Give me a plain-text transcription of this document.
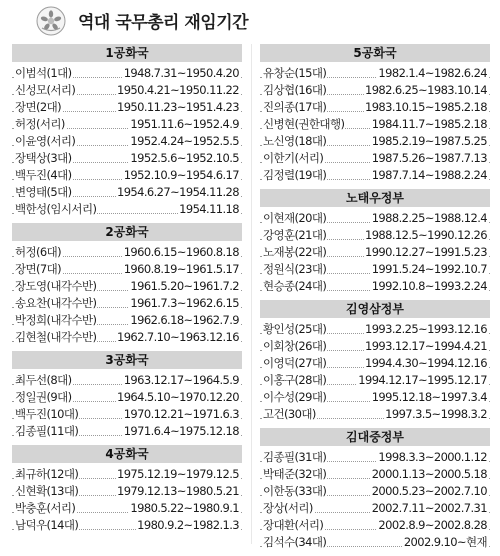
역대 국무총리 재임기간
1공화국
이범석(1대)	1948.7.31~1950.4.20
신성모(서리)	1950.4.21~1950.11.22
장면(2대)	1950.11.23~1951.4.23
허정(서리)	1951.11.6~1952.4.9
이윤영(서리)	1952.4.24~1952.5.5
장택상(3대)	1952.5.6~1952.10.5
백두진(4대)	1952.10.9~1954.6.17
변영태(5대)	1954.6.27~1954.11.28
백한성(임시서리)	1954.11.18
2공화국
허정(6대)	1960.6.15~1960.8.18
장면(7대)	1960.8.19~1961.5.17
장도영(내각수반)	1961.5.20~1961.7.2
송요찬(내각수반)	1961.7.3~1962.6.15
박정희(내각수반)	1962.6.18~1962.7.9
김현철(내각수반) 1962.7.10~1963.12.16
3공화국
최두선(8대)	1963.12.17~1964.5.9
정일권(9대)	1964.5.10~1970.12.20
백두진(10대)	1970.12.21~1971.6.3
김종필(11대)	1971.6.4~1975.12.18
4공화국
최규하(12대)	1975.12.19~1979.12.5
신현확(13대)	1979.12.13~1980.5.21
박충훈(서리)	1980.5.22~1980.9.1
남덕우(14대)	1980.9.2~1982.1.3
5공화국
유창순(15대)	1982.1.4~1982.6.24
김상협(16대)	1982.6.25~1983.10.14
진의종(17대)	1983.10.15~1985.2.18
신병현(권한대행) 1984.11.7~1985.2.18
노신영(18대)	1985.2.19~1987.5.25
이한기(서리)	1987.5.26~1987.7.13
김정렬(19대)	1987.7.14~1988.2.24
노태우정부
이현재(20대)	1988.2.25~1988.12.4
강영훈(21대)	1988.12.5~1990.12.26
노재봉(22대)	1990.12.27~1991.5.23
정원식(23대)	1991.5.24~1992.10.7
현승종(24대)	1992.10.8~1993.2.24
김영삼정부
황인성(25대)	1993.2.25~1993.12.16
이회창(26대)	1993.12.17~1994.4.21
이영덕(27대)	1994.4.30~1994.12.16
이홍구(28대)	1994.12.17~1995.12.17
이수성(29대)	1995.12.18~1997.3.4
고건(30대)	1997.3.5~1998.3.2
김대중정부
김종필(31대)	1998.3.3~2000.1.12
박태준(32대)	2000.1.13~2000.5.18
이한동(33대)	2000.5.23~2002.7.10
장상(서리)	2002.7.11~2002.7.31
장대환(서리)	2002.8.9~2002.8.28
김석수(34대)	2002.9.10~현재
